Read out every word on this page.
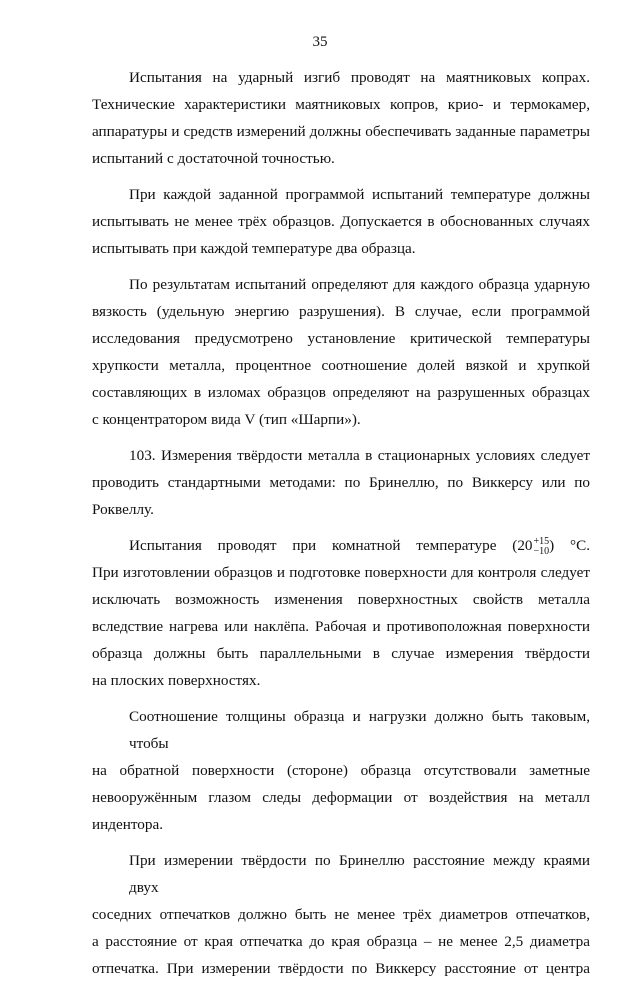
35

Испытания на ударный изгиб проводят на маятниковых копрах.
Технические характеристики маятниковых копров, крио- и термокамер,
аппаратуры и средств измерений должны обеспечивать заданные параметры
испытаний с достаточной точностью.

При каждой заданной программой испытаний температуре должны
испытывать не менее трёх образцов. Допускается в обоснованных случаях
испытывать при каждой температуре два образца.

По результатам испытаний определяют для каждого образца ударную
вязкость (удельную энергию разрушения). В случае, если программой
исследования предусмотрено установление критической температуры
хрупкости металла, процентное соотношение долей вязкой и хрупкой
составляющих в изломах образцов определяют на разрушенных образцах
с концентратором вида V (тип «Шарпи»).

103. Измерения твёрдости металла в стационарных условиях следует
проводить стандартными методами: по Бринеллю, по Виккерсу или по
Роквеллу.

Испытания проводят при комнатной температуре (20 +15
−10 ) °C.
При изготовлении образцов и подготовке поверхности для контроля следует
исключать возможность изменения поверхностных свойств металла
вследствие нагрева или наклёпа. Рабочая и противоположная поверхности
образца должны быть параллельными в случае измерения твёрдости
на плоских поверхностях.

Соотношение толщины образца и нагрузки должно быть таковым, чтобы
на обратной поверхности (стороне) образца отсутствовали заметные
невооружённым глазом следы деформации от воздействия на металл
индентора.

При измерении твёрдости по Бринеллю расстояние между краями двух
соседних отпечатков должно быть не менее трёх диаметров отпечатков,
а расстояние от края отпечатка до края образца – не менее 2,5 диаметра
отпечатка. При измерении твёрдости по Виккерсу расстояние от центра
